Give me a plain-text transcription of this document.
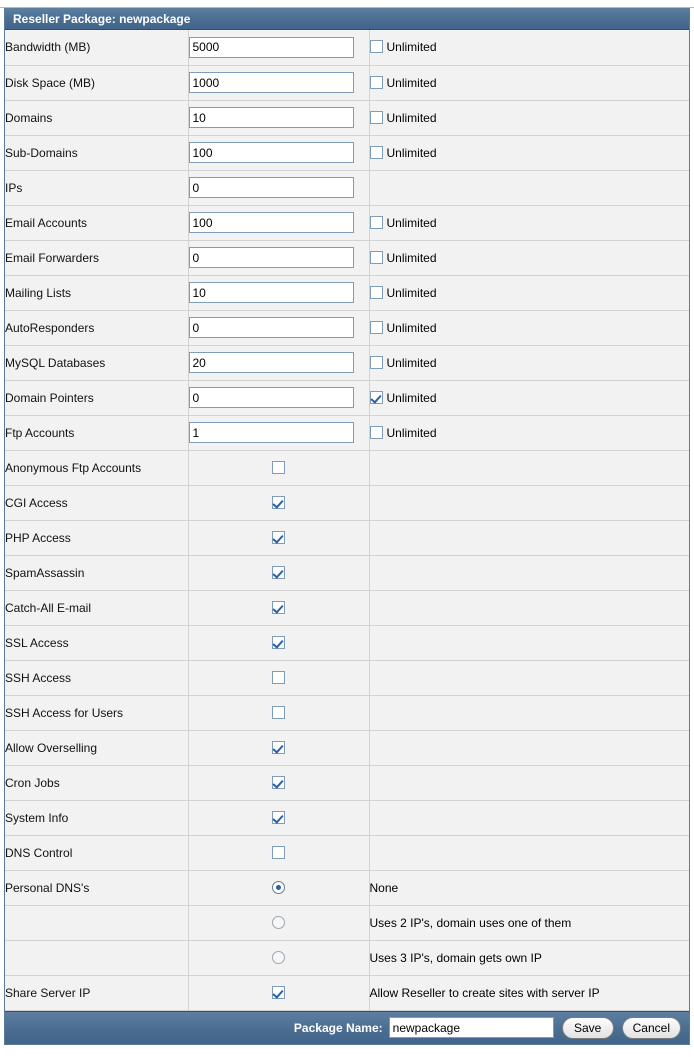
Reseller Package: newpackage
Bandwidth (MB)	5000	Unlimited
Disk Space (MB)	1000	Unlimited
Domains	10	Unlimited
Sub-Domains	100	Unlimited
IPs	0	
Email Accounts	100	Unlimited
Email Forwarders	0	Unlimited
Mailing Lists	10	Unlimited
AutoResponders	0	Unlimited
MySQL Databases	20	Unlimited
Domain Pointers	0	Unlimited
Ftp Accounts	1	Unlimited
Anonymous Ftp Accounts		
CGI Access		
PHP Access		
SpamAssassin		
Catch-All E-mail		
SSL Access		
SSH Access		
SSH Access for Users		
Allow Overselling		
Cron Jobs		
System Info		
DNS Control		
Personal DNS's		None
		Uses 2 IP's, domain uses one of them
		Uses 3 IP's, domain gets own IP
Share Server IP		Allow Reseller to create sites with server IP
Package Name:
newpackage	Save	Cancel
